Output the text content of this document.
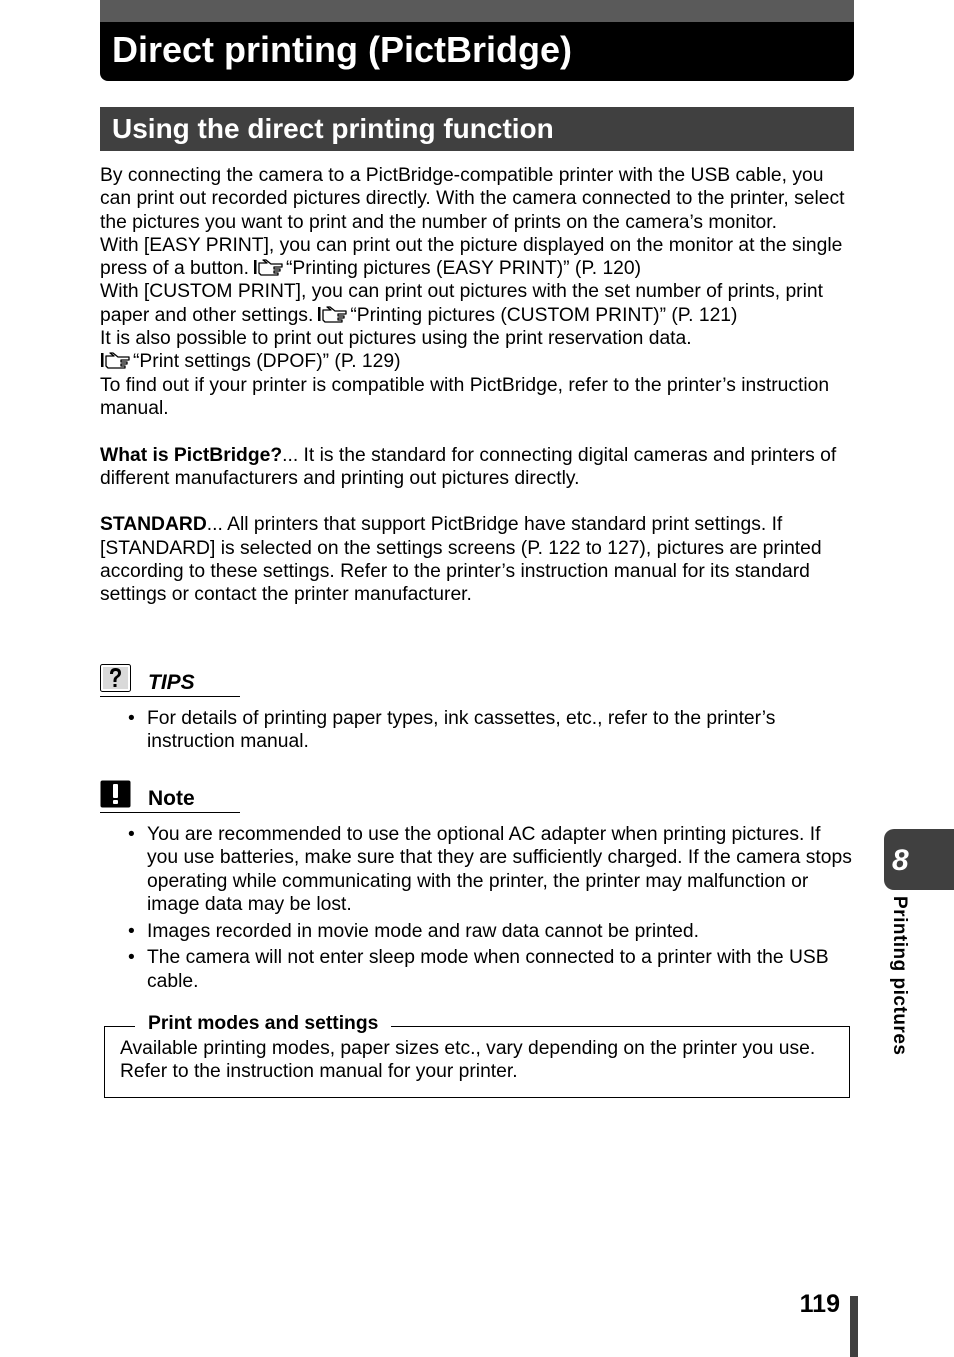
Direct printing (PictBridge)
Using the direct printing function

By connecting the camera to a PictBridge-compatible printer with the USB cable, you can print out recorded pictures directly. With the camera connected to the printer, select the pictures you want to print and the number of prints on the camera’s monitor.

With [EASY PRINT], you can print out the picture displayed on the monitor at the single press of a button. “Printing pictures (EASY PRINT)” (P. 120)

With [CUSTOM PRINT], you can print out pictures with the set number of prints, print paper and other settings. “Printing pictures (CUSTOM PRINT)” (P. 121)

It is also possible to print out pictures using the print reservation data.

“Print settings (DPOF)” (P. 129)

To find out if your printer is compatible with PictBridge, refer to the printer’s instruction manual.

What is PictBridge?... It is the standard for connecting digital cameras and printers of different manufacturers and printing out pictures directly.

STANDARD... All printers that support PictBridge have standard print settings. If [STANDARD] is selected on the settings screens (P. 122 to 127), pictures are printed according to these settings. Refer to the printer’s instruction manual for its standard settings or contact the printer manufacturer.

TIPS
• For details of printing paper types, ink cassettes, etc., refer to the printer’s instruction manual.
Note
• You are recommended to use the optional AC adapter when printing pictures. If you use batteries, make sure that they are sufficiently charged. If the camera stops operating while communicating with the printer, the printer may malfunction or image data may be lost.
• Images recorded in movie mode and raw data cannot be printed.
• The camera will not enter sleep mode when connected to a printer with the USB cable.
Print modes and settings
Available printing modes, paper sizes etc., vary depending on the printer you use. Refer to the instruction manual for your printer.
8
Printing pictures
119
